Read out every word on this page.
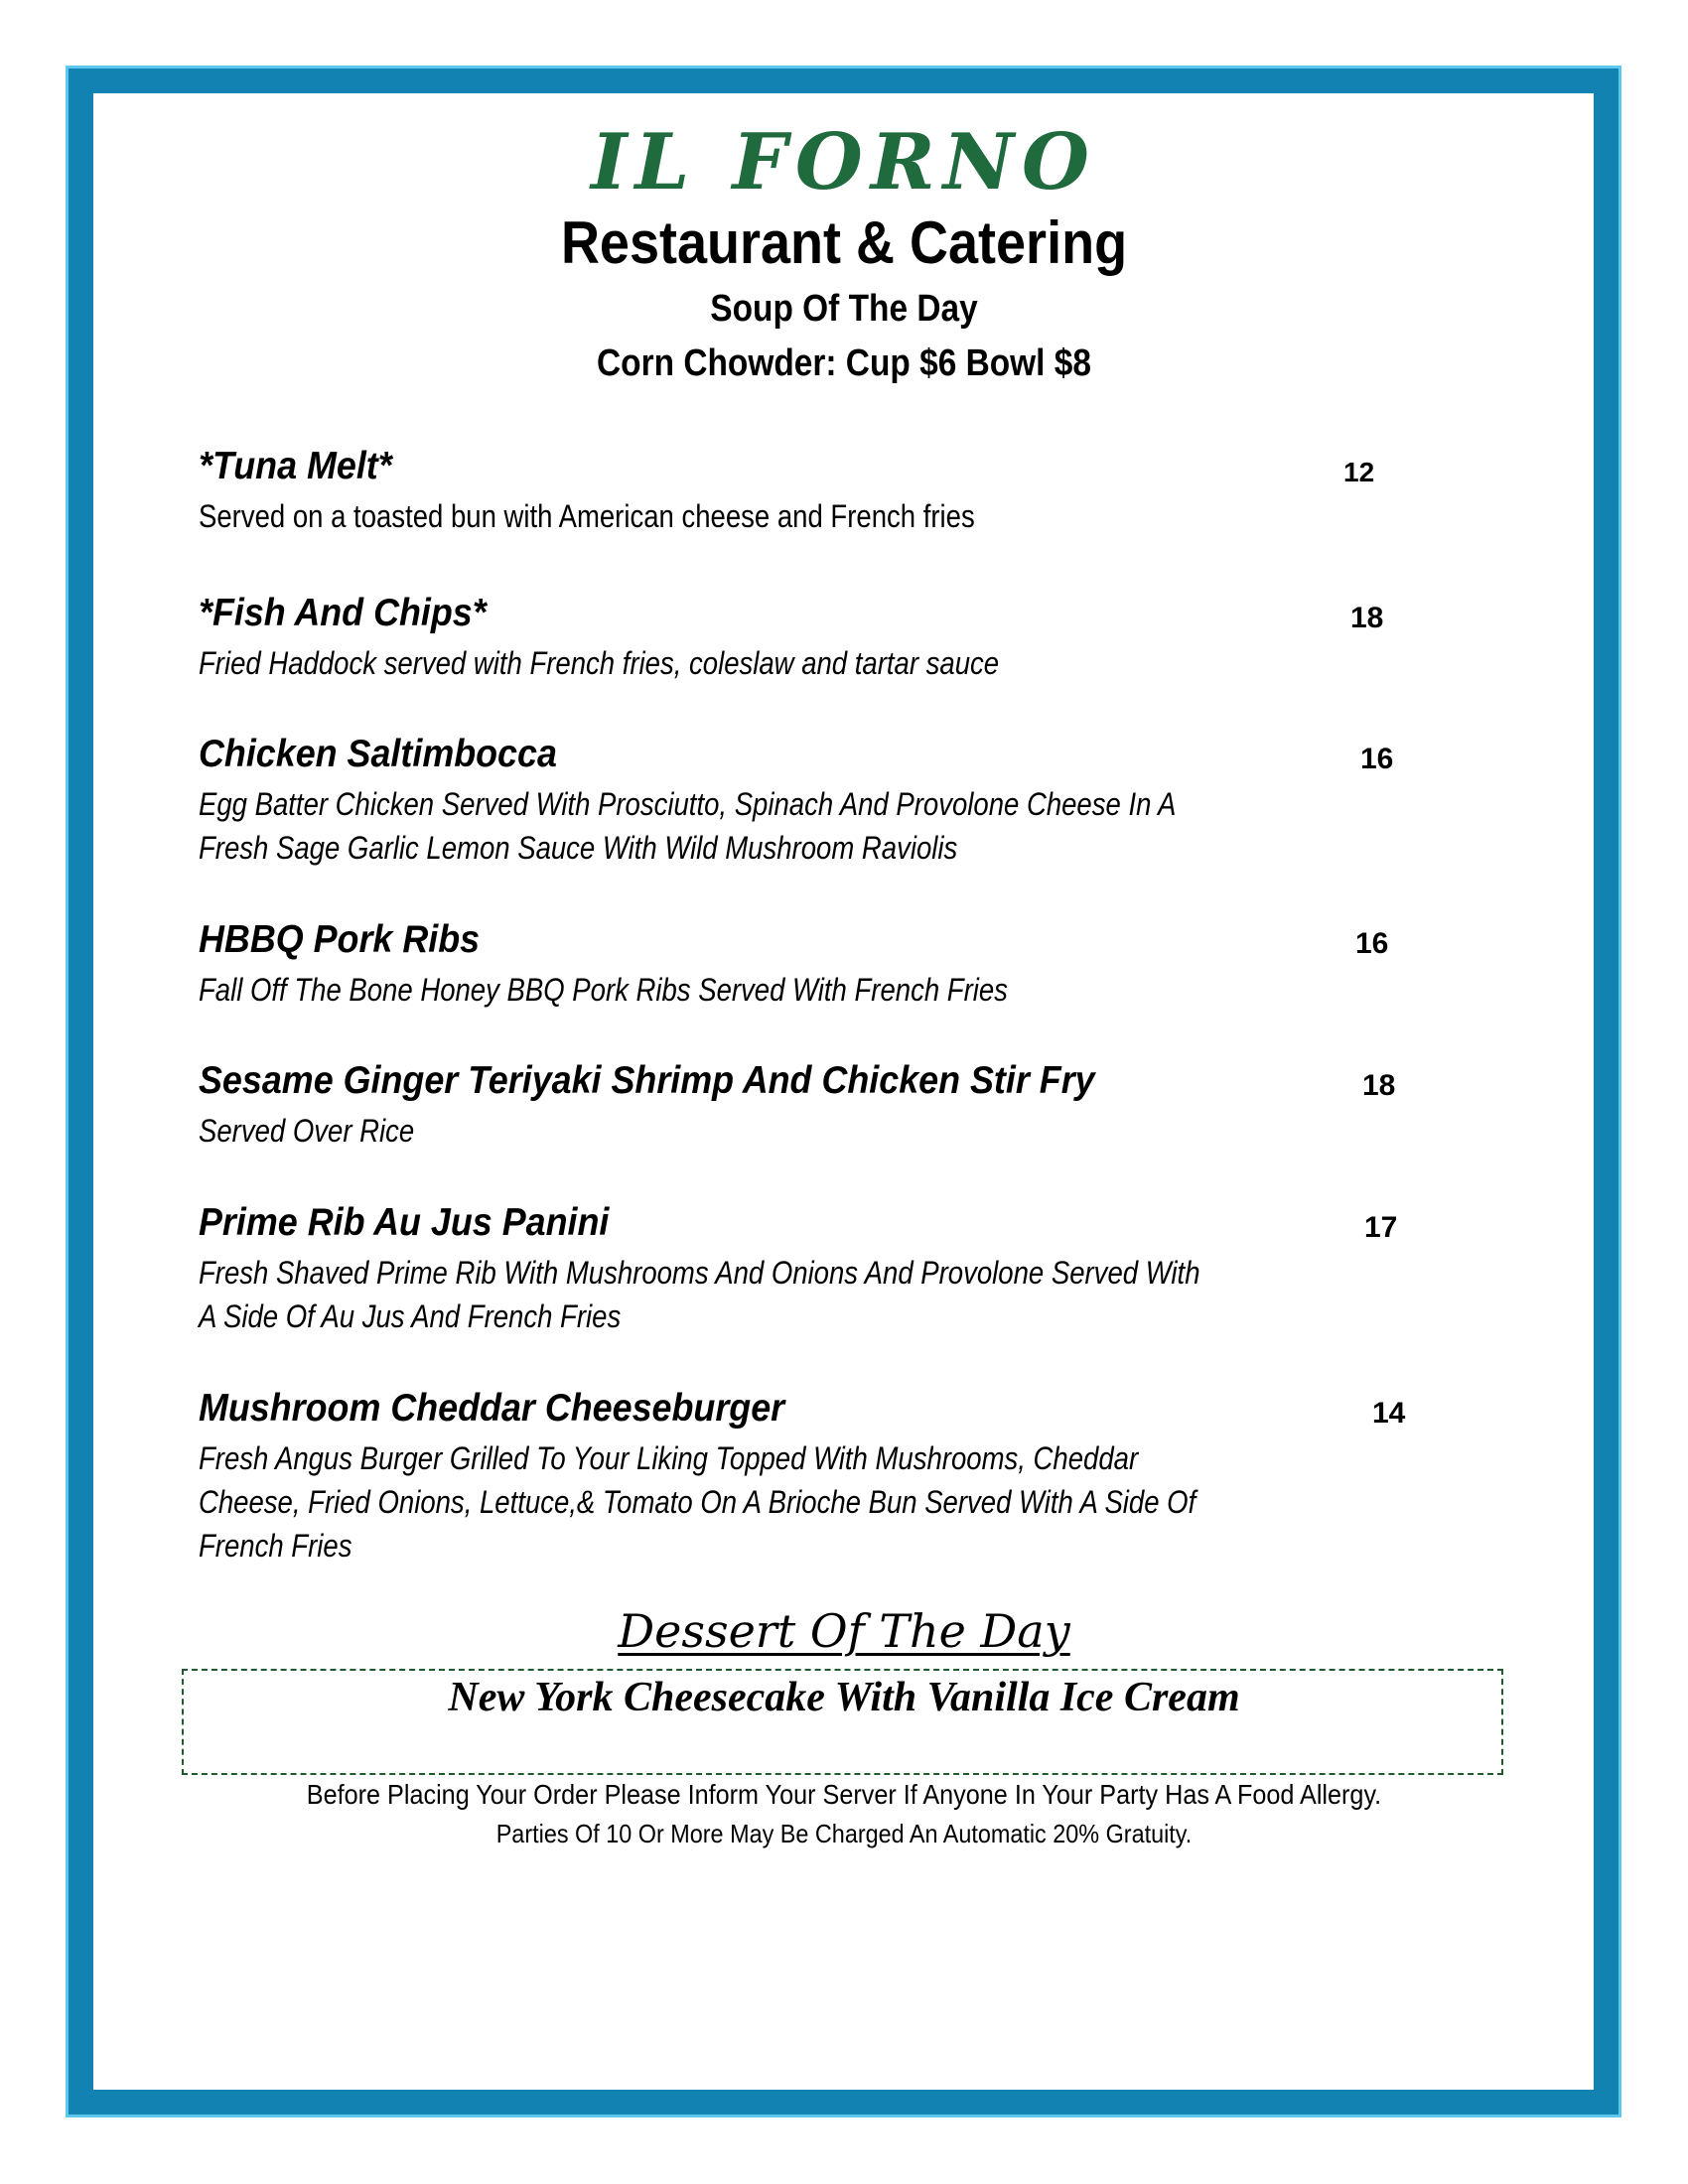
IL FORNO
Restaurant & Catering
Soup Of The Day
Corn Chowder: Cup $6 Bowl $8
*Tuna Melt*	12
Served on a toasted bun with American cheese and French fries
*Fish And Chips*	18
Fried Haddock served with French fries, coleslaw and tartar sauce
Chicken Saltimbocca	16
Egg Batter Chicken Served With Prosciutto, Spinach And Provolone Cheese In A
Fresh Sage Garlic Lemon Sauce With Wild Mushroom Raviolis
HBBQ Pork Ribs	16
Fall Off The Bone Honey BBQ Pork Ribs Served With French Fries
Sesame Ginger Teriyaki Shrimp And Chicken Stir Fry	18
Served Over Rice
Prime Rib Au Jus Panini	17
Fresh Shaved Prime Rib With Mushrooms And Onions And Provolone Served With
A Side Of Au Jus And French Fries
Mushroom Cheddar Cheeseburger	14
Fresh Angus Burger Grilled To Your Liking Topped With Mushrooms, Cheddar
Cheese, Fried Onions, Lettuce,& Tomato On A Brioche Bun Served With A Side Of
French Fries
Dessert Of The Day
New York Cheesecake With Vanilla Ice Cream
Before Placing Your Order Please Inform Your Server If Anyone In Your Party Has A Food Allergy.
Parties Of 10 Or More May Be Charged An Automatic 20% Gratuity.
